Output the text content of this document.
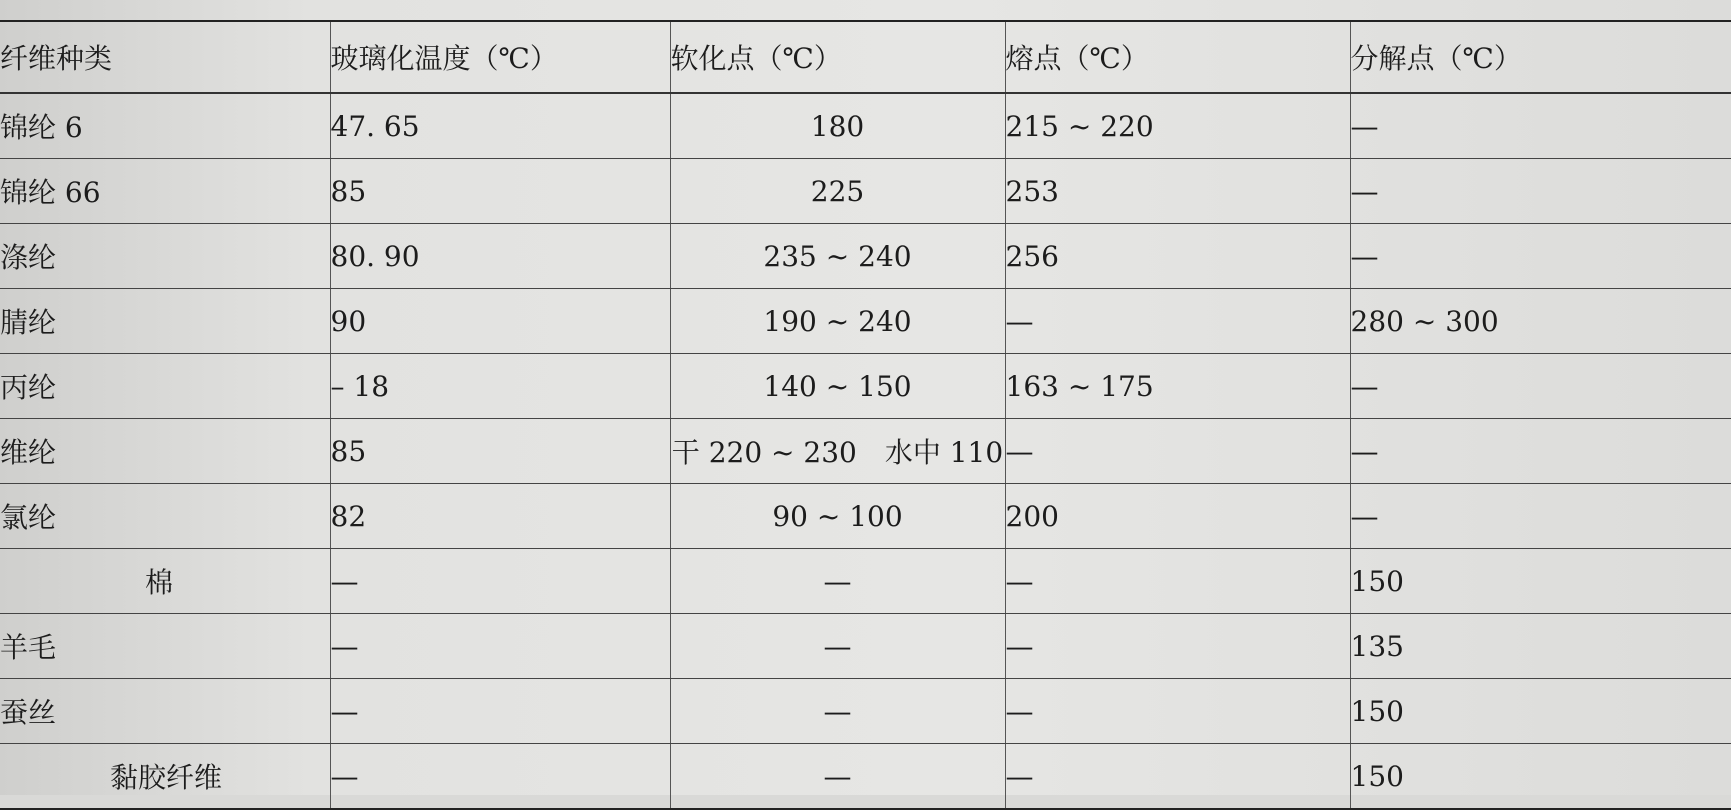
纤维种类	玻璃化温度（℃）	软化点（℃）	熔点（℃）	分解点（℃）
锦纶 6	47. 65	180	215 ~ 220	—
锦纶 66	85	225	253	—
涤纶	80. 90	235 ~ 240	256	—
腈纶	90	190 ~ 240	—	280 ~ 300
丙纶	– 18	140 ~ 150	163 ~ 175	—
维纶	85	干 220 ~ 230　水中 110	—	—
氯纶	82	90 ~ 100	200	—
棉	—	—	—	150
羊毛	—	—	—	135
蚕丝	—	—	—	150
黏胶纤维	—	—	—	150
